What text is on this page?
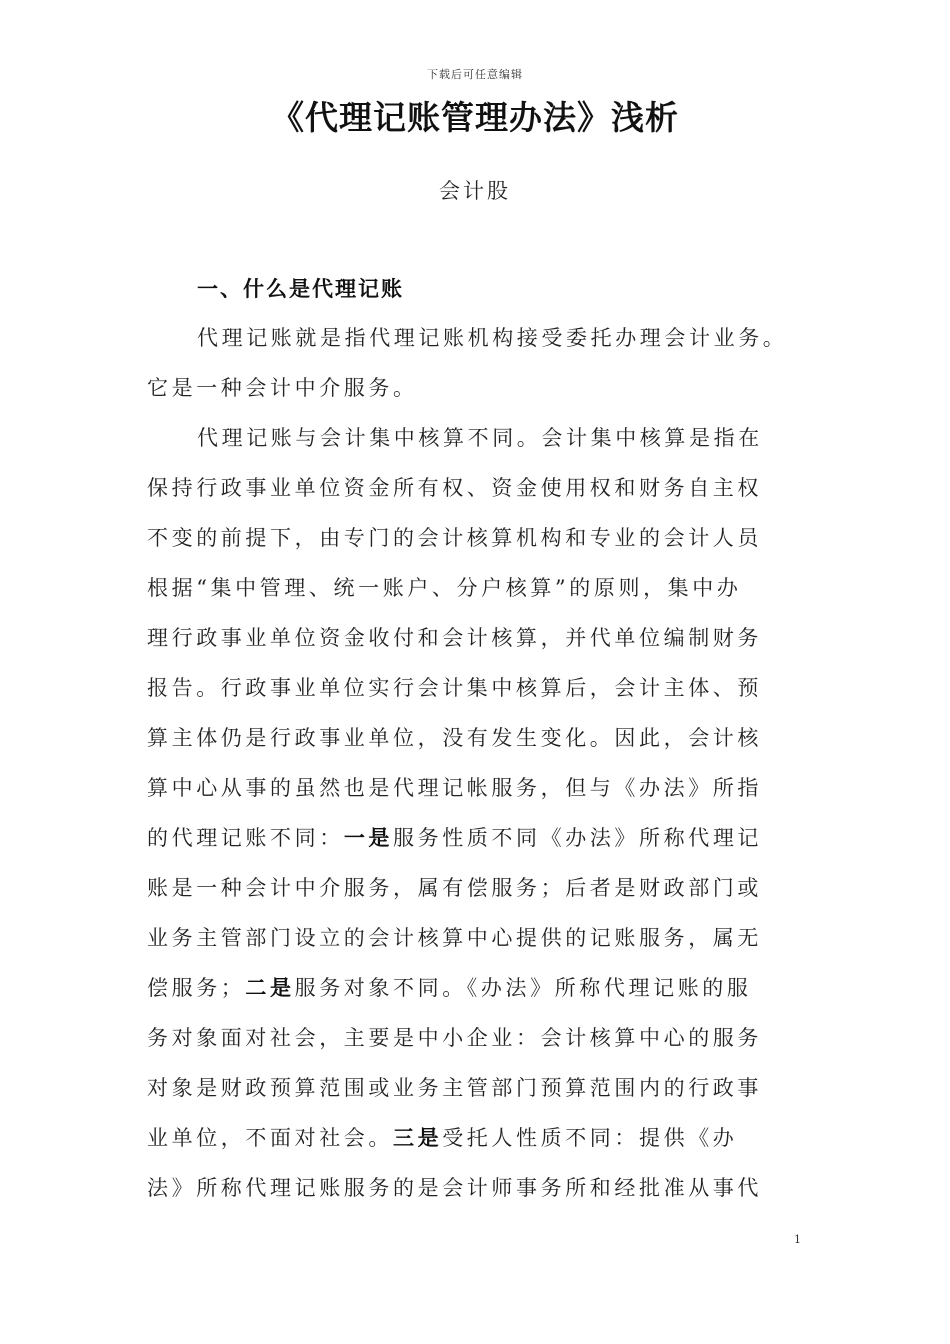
下载后可任意编辑
《代理记账管理办法》浅析
会计股
一、什么是代理记账
代理记账就是指代理记账机构接受委托办理会计业务。
它是一种会计中介服务。
代理记账与会计集中核算不同。会计集中核算是指在
保持行政事业单位资金所有权、资金使用权和财务自主权
不变的前提下，由专门的会计核算机构和专业的会计人员
根据“集中管理、统一账户、分户核算”的原则，集中办
理行政事业单位资金收付和会计核算，并代单位编制财务
报告。行政事业单位实行会计集中核算后，会计主体、预
算主体仍是行政事业单位，没有发生变化。因此，会计核
算中心从事的虽然也是代理记帐服务，但与《办法》所指
的代理记账不同：一是服务性质不同《办法》所称代理记
账是一种会计中介服务，属有偿服务；后者是财政部门或
业务主管部门设立的会计核算中心提供的记账服务，属无
偿服务；二是服务对象不同。《办法》所称代理记账的服
务对象面对社会，主要是中小企业：会计核算中心的服务
对象是财政预算范围或业务主管部门预算范围内的行政事
业单位，不面对社会。三是受托人性质不同：提供《办
法》所称代理记账服务的是会计师事务所和经批准从事代
1
